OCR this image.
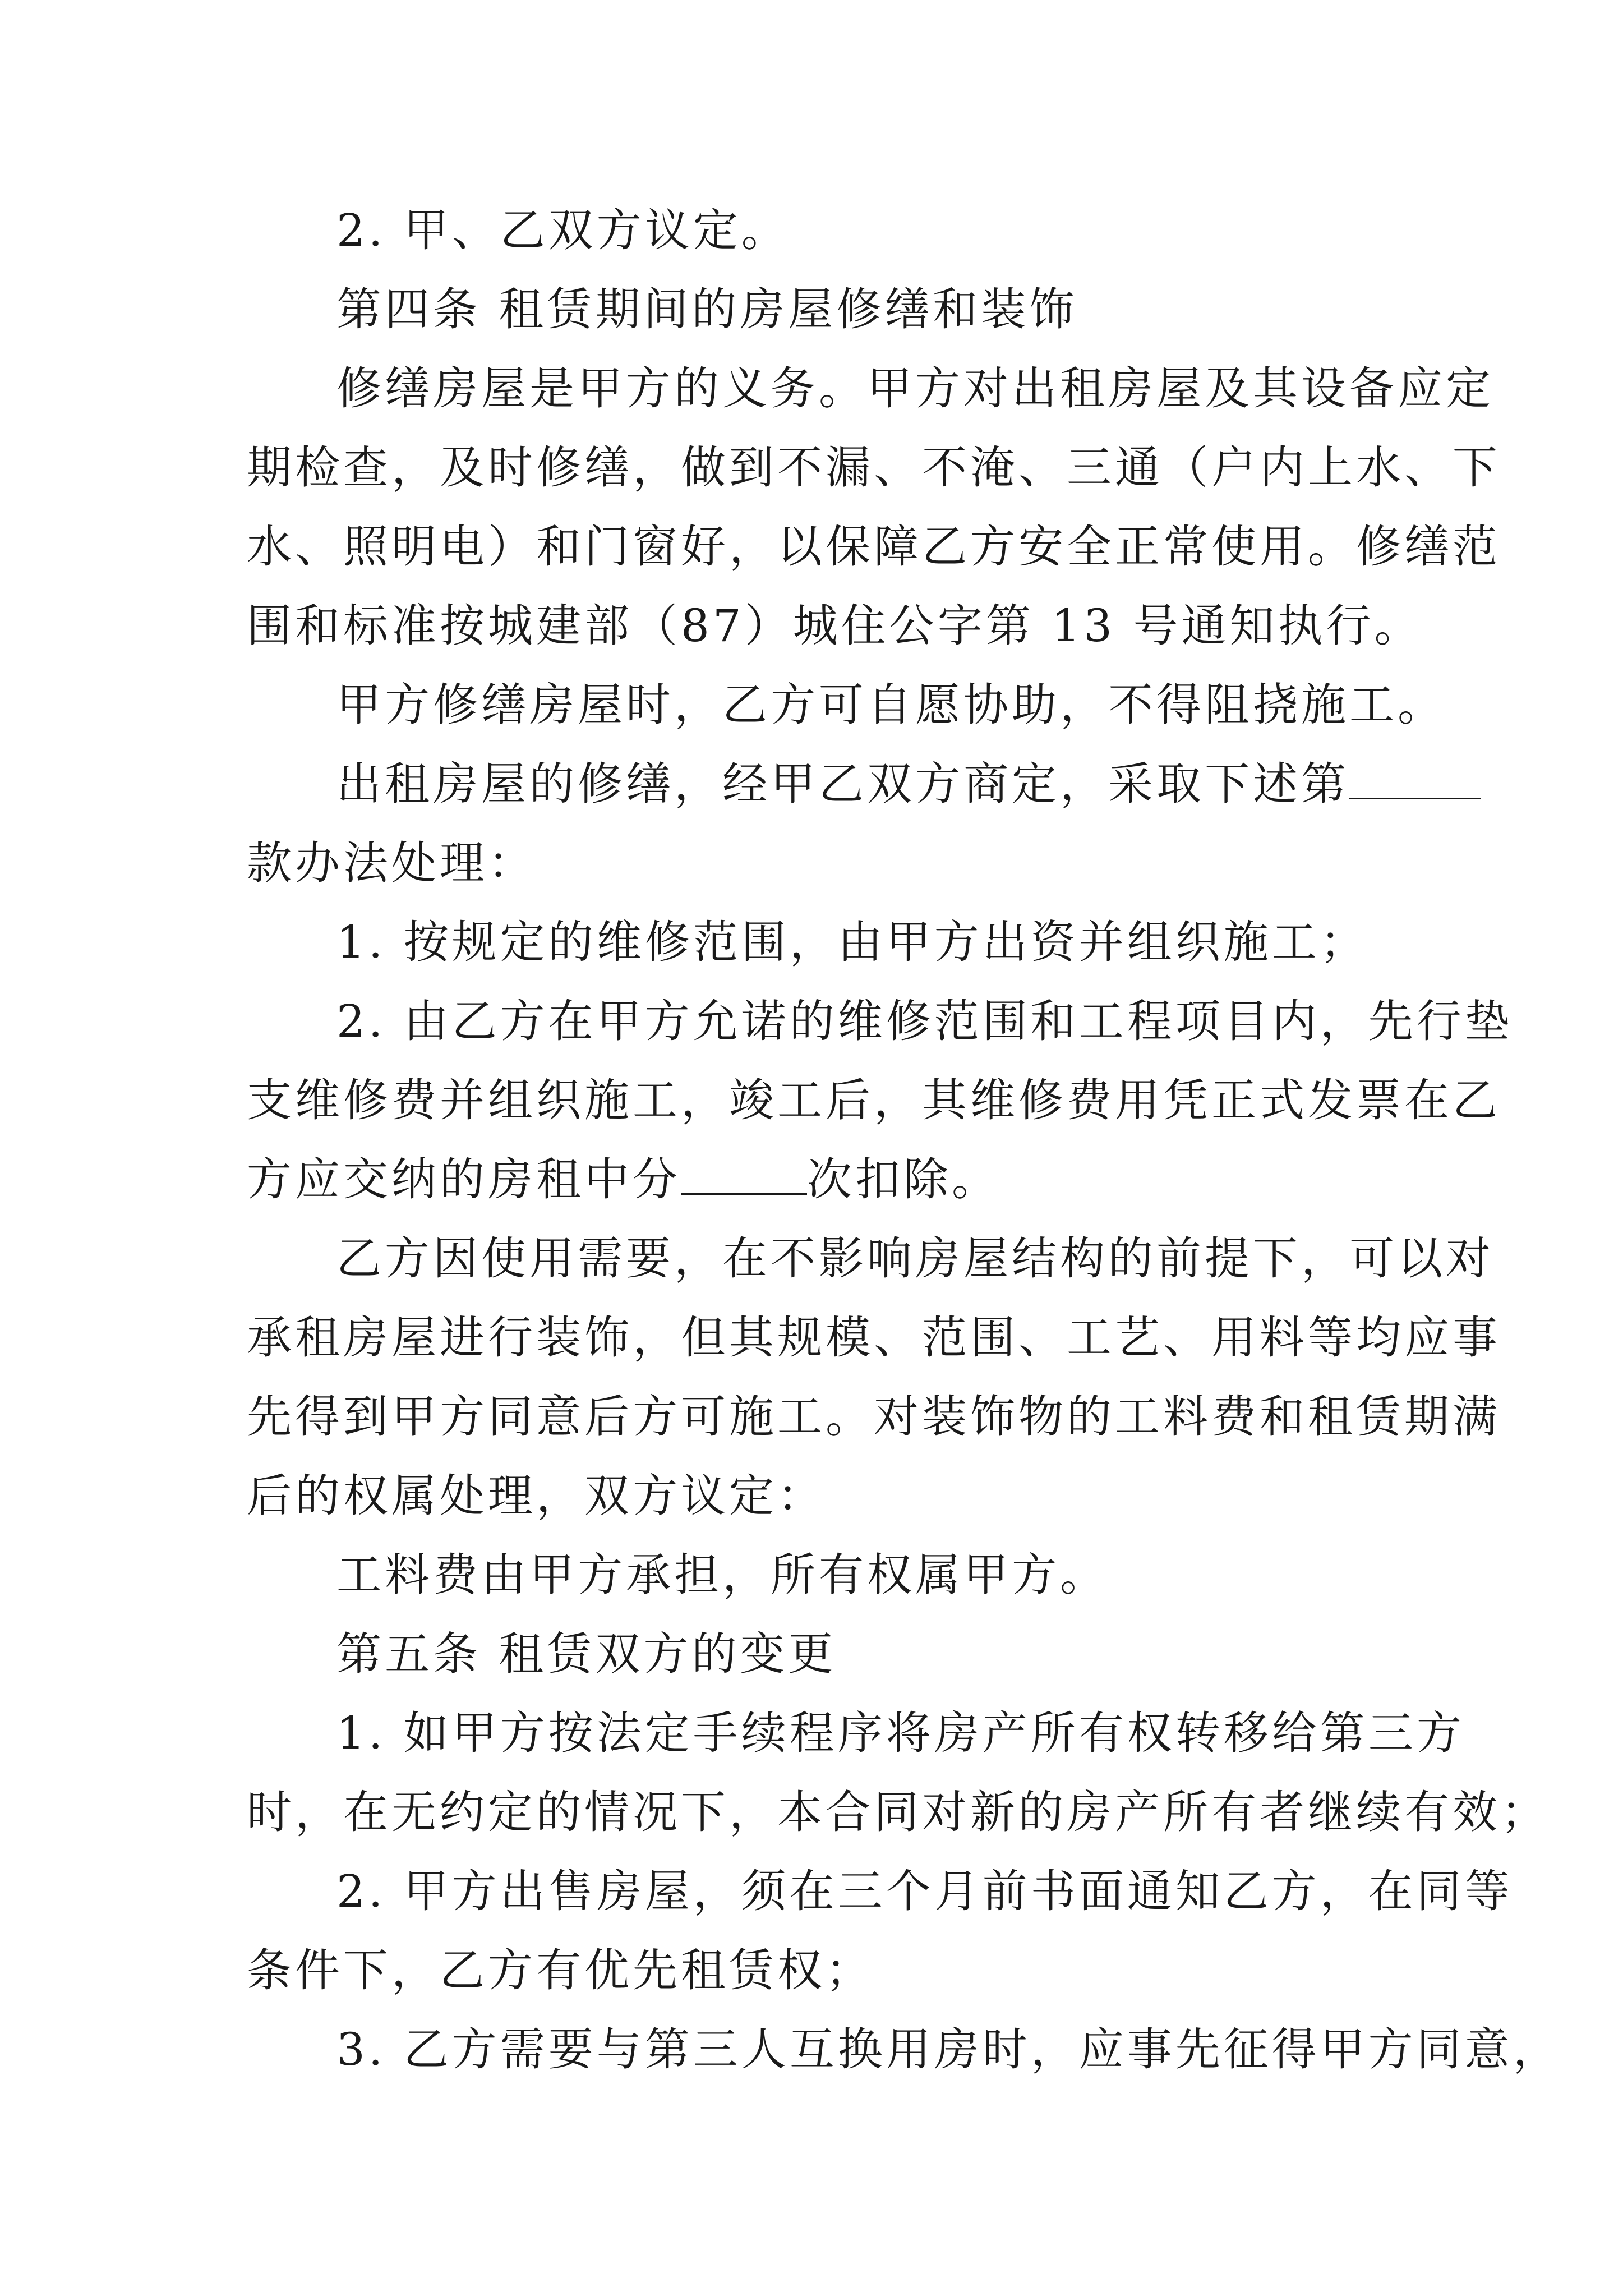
2. 甲、乙双方议定。
第四条 租赁期间的房屋修缮和装饰
修缮房屋是甲方的义务。甲方对出租房屋及其设备应定
期检查，及时修缮，做到不漏、不淹、三通（户内上水、下
水、照明电）和门窗好，以保障乙方安全正常使用。修缮范
围和标准按城建部（87）城住公字第 13 号通知执行。
甲方修缮房屋时，乙方可自愿协助，不得阻挠施工。
出租房屋的修缮，经甲乙双方商定，采取下述第
款办法处理：
1. 按规定的维修范围，由甲方出资并组织施工；
2. 由乙方在甲方允诺的维修范围和工程项目内，先行垫
支维修费并组织施工，竣工后，其维修费用凭正式发票在乙
方应交纳的房租中分	次扣除。
乙方因使用需要，在不影响房屋结构的前提下，可以对
承租房屋进行装饰，但其规模、范围、工艺、用料等均应事
先得到甲方同意后方可施工。对装饰物的工料费和租赁期满
后的权属处理，双方议定：
工料费由甲方承担，所有权属甲方。
第五条 租赁双方的变更
1. 如甲方按法定手续程序将房产所有权转移给第三方
时，在无约定的情况下，本合同对新的房产所有者继续有效；
2. 甲方出售房屋，须在三个月前书面通知乙方，在同等
条件下，乙方有优先租赁权；
3. 乙方需要与第三人互换用房时，应事先征得甲方同意，
